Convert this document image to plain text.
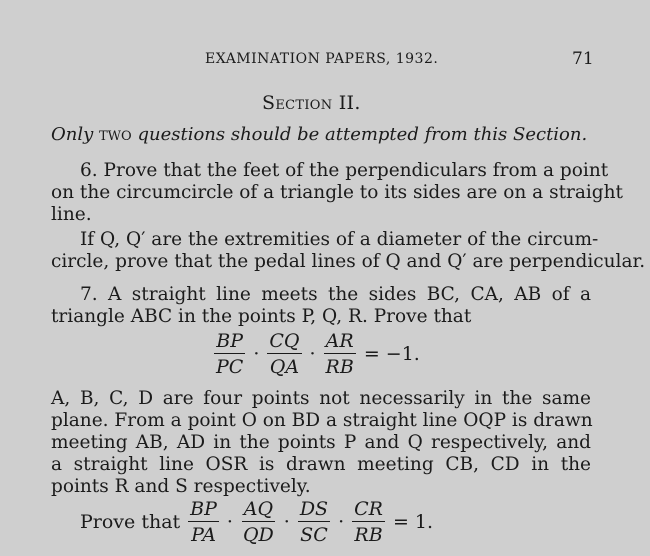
EXAMINATION PAPERS, 1932.	71
Section II.
Only two questions should be attempted from this Section.
6. Prove that the feet of the perpendiculars from a point
on the circumcircle of a triangle to its sides are on a straight
line.
If Q, Q′ are the extremities of a diameter of the circum-
circle, prove that the pedal lines of Q and Q′ are perpendicular.
7. A straight line meets the sides BC, CA, AB of a
triangle ABC in the points P, Q, R. Prove that
$\frac{BP}{PC} \cdot \frac{CQ}{QA} \cdot \frac{AR}{RB} = -1$.
A, B, C, D are four points not necessarily in the same
plane. From a point O on BD a straight line OQP is drawn
meeting AB, AD in the points P and Q respectively, and
a straight line OSR is drawn meeting CB, CD in the
points R and S respectively.
Prove that $\frac{BP}{PA} \cdot \frac{AQ}{QD} \cdot \frac{DS}{SC} \cdot \frac{CR}{RB} = 1$.
